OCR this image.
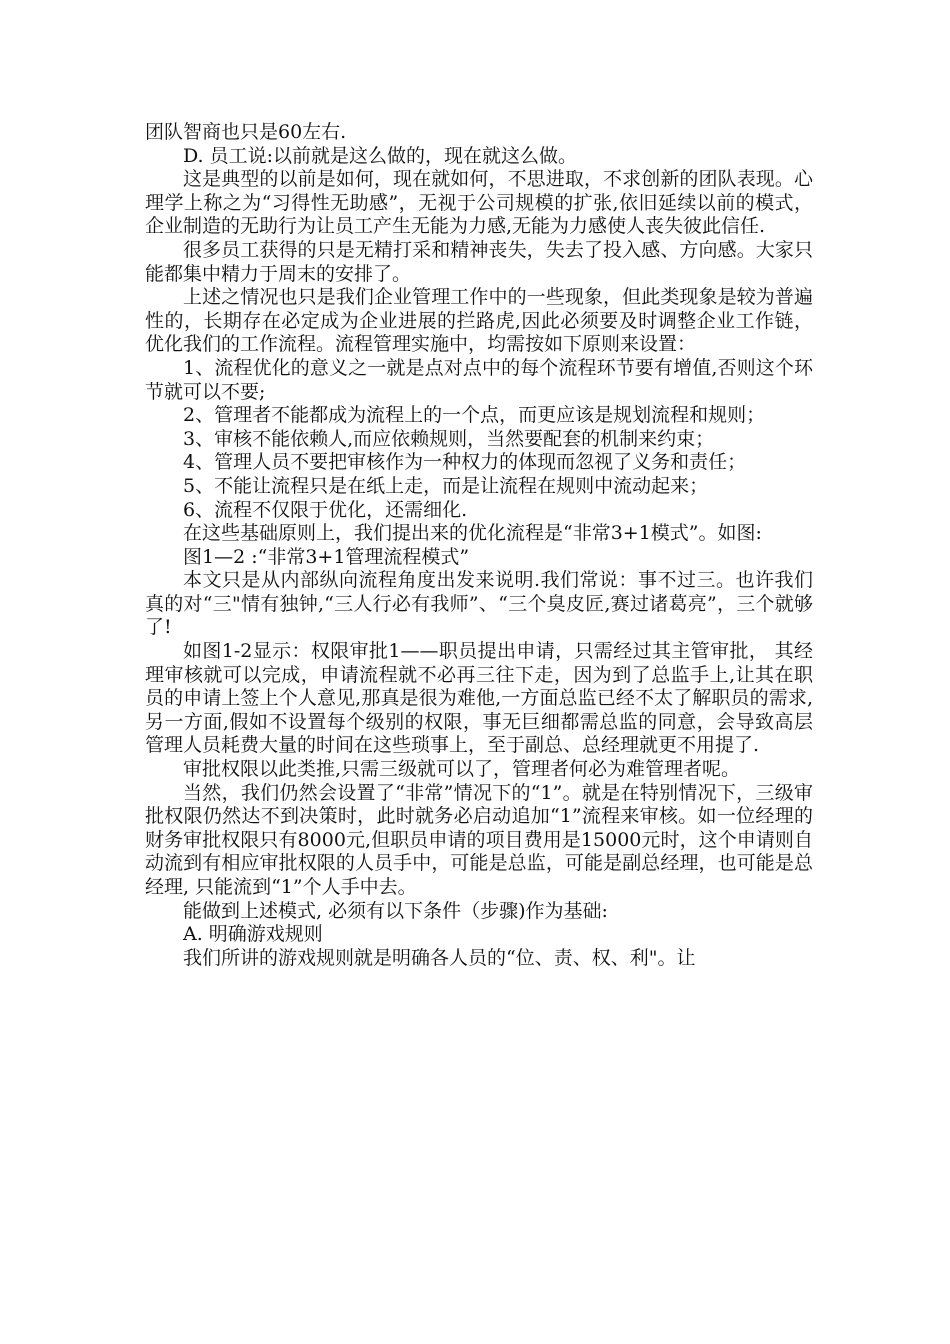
团队智商也只是60左右.

D. 员工说:以前就是这么做的，现在就这么做。

这是典型的以前是如何，现在就如何，不思进取，不求创新的团队表现。心理学上称之为“习得性无助感”，无视于公司规模的扩张,依旧延续以前的模式，企业制造的无助行为让员工产生无能为力感,无能为力感使人丧失彼此信任.

很多员工获得的只是无精打采和精神丧失，失去了投入感、方向感。大家只能都集中精力于周末的安排了。

上述之情况也只是我们企业管理工作中的一些现象，但此类现象是较为普遍性的，长期存在必定成为企业进展的拦路虎,因此必须要及时调整企业工作链，优化我们的工作流程。流程管理实施中，均需按如下原则来设置：

1、流程优化的意义之一就是点对点中的每个流程环节要有增值,否则这个环节就可以不要;

2、管理者不能都成为流程上的一个点，而更应该是规划流程和规则；

3、审核不能依赖人,而应依赖规则，当然要配套的机制来约束；

4、管理人员不要把审核作为一种权力的体现而忽视了义务和责任；

5、不能让流程只是在纸上走，而是让流程在规则中流动起来；

6、流程不仅限于优化，还需细化.

在这些基础原则上，我们提出来的优化流程是“非常3+1模式”。如图:

图1—2 :“非常3+1管理流程模式”

本文只是从内部纵向流程角度出发来说明.我们常说：事不过三。也许我们真的对“三"情有独钟,“三人行必有我师”、“三个臭皮匠,赛过诸葛亮”，三个就够了!

如图1-2显示：权限审批1——职员提出申请，只需经过其主管审批， 其经理审核就可以完成，申请流程就不必再三往下走，因为到了总监手上,让其在职员的申请上签上个人意见,那真是很为难他,一方面总监已经不太了解职员的需求,另一方面,假如不设置每个级别的权限，事无巨细都需总监的同意，会导致高层管理人员耗费大量的时间在这些琐事上，至于副总、总经理就更不用提了.

审批权限以此类推,只需三级就可以了，管理者何必为难管理者呢。

当然，我们仍然会设置了“非常”情况下的“1”。就是在特别情况下，三级审批权限仍然达不到决策时，此时就务必启动追加“1”流程来审核。如一位经理的财务审批权限只有8000元,但职员申请的项目费用是15000元时，这个申请则自动流到有相应审批权限的人员手中，可能是总监，可能是副总经理，也可能是总经理, 只能流到“1”个人手中去。

能做到上述模式, 必须有以下条件（步骤)作为基础:

A. 明确游戏规则

我们所讲的游戏规则就是明确各人员的“位、责、权、利"。让
